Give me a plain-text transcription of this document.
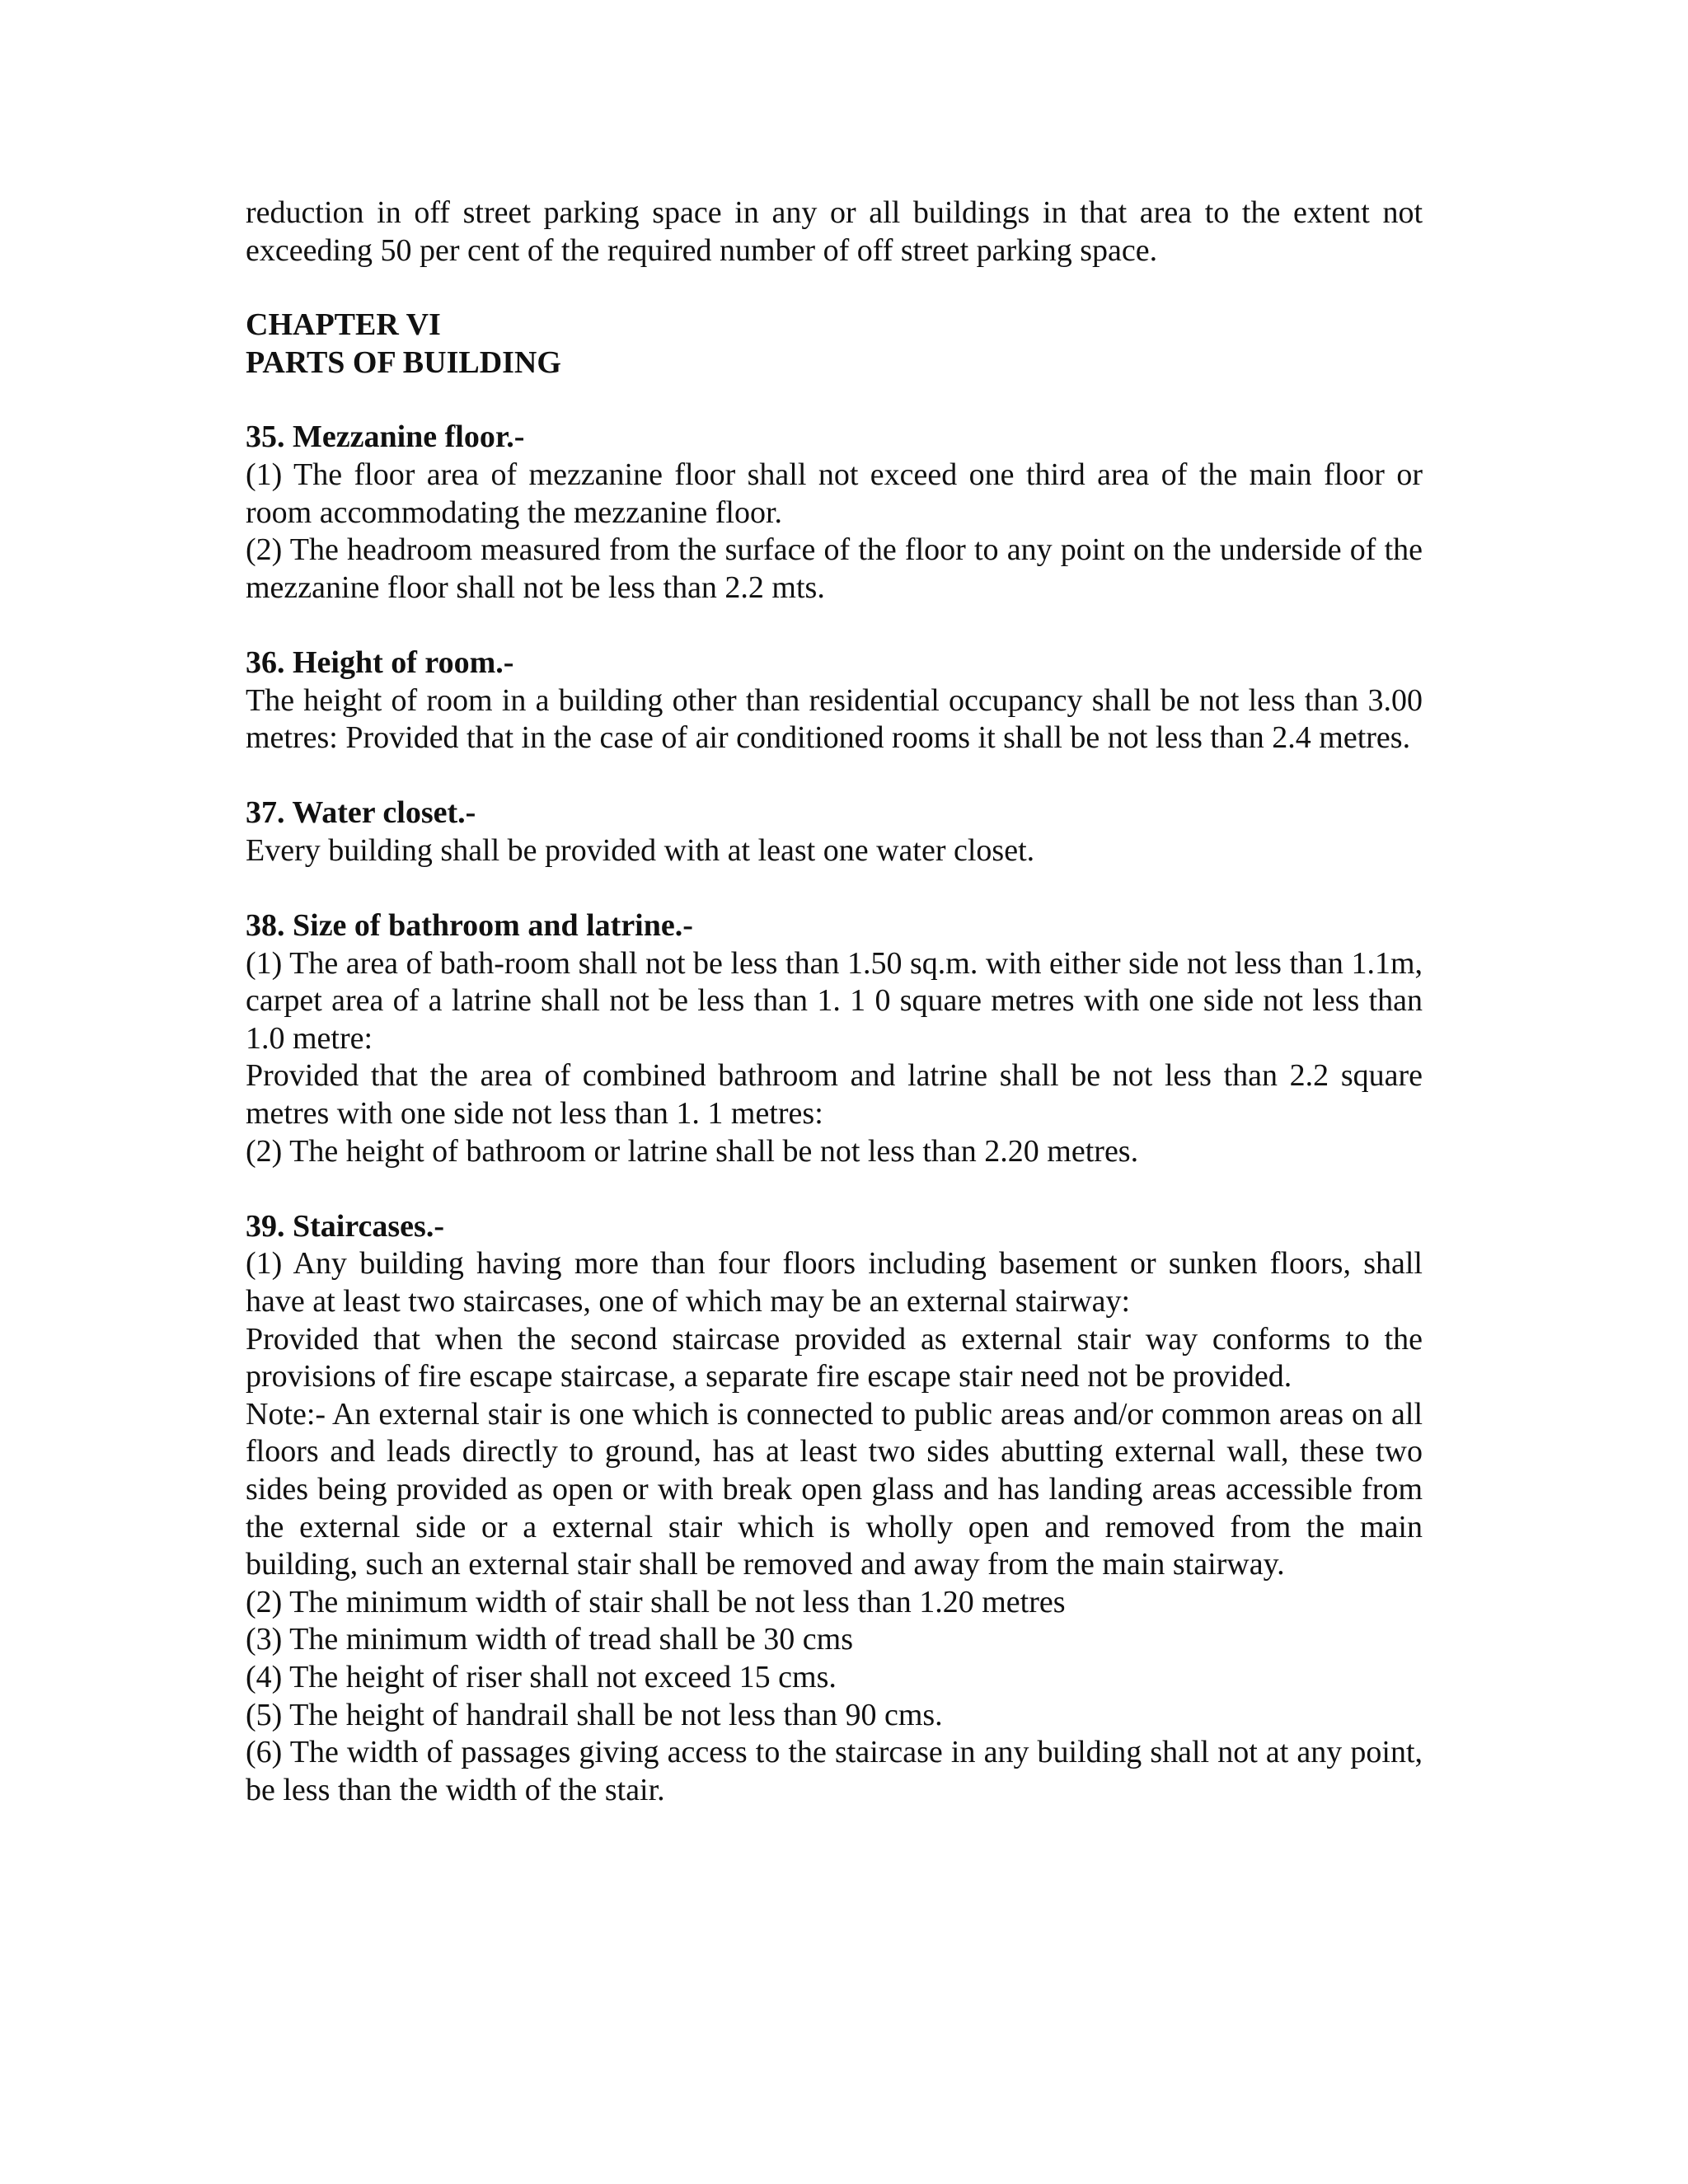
reduction in off street parking space in any or all buildings in that area to the extent not exceeding 50 per cent of the required number of off street parking space.

CHAPTER VI

PARTS OF BUILDING

35. Mezzanine floor.-

(1) The floor area of mezzanine floor shall not exceed one third area of the main floor or room accommodating the mezzanine floor.

(2) The headroom measured from the surface of the floor to any point on the underside of the mezzanine floor shall not be less than 2.2 mts.

36. Height of room.-

The height of room in a building other than residential occupancy shall be not less than 3.00 metres: Provided that in the case of air conditioned rooms it shall be not less than 2.4 metres.

37. Water closet.-

Every building shall be provided with at least one water closet.

38. Size of bathroom and latrine.-

(1) The area of bath-room shall not be less than 1.50 sq.m. with either side not less than 1.1m, carpet area of a latrine shall not be less than 1. 1 0 square metres with one side not less than 1.0 metre:

Provided that the area of combined bathroom and latrine shall be not less than 2.2 square metres with one side not less than 1. 1 metres:

(2) The height of bathroom or latrine shall be not less than 2.20 metres.

39. Staircases.-

(1) Any building having more than four floors including basement or sunken floors, shall have at least two staircases, one of which may be an external stairway:

Provided that when the second staircase provided as external stair way conforms to the provisions of fire escape staircase, a separate fire escape stair need not be provided.

Note:- An external stair is one which is connected to public areas and/or common areas on all floors and leads directly to ground, has at least two sides abutting external wall, these two sides being provided as open or with break open glass and has landing areas accessible from the external side or a external stair which is wholly open and removed from the main building, such an external stair shall be removed and away from the main stairway.

(2) The minimum width of stair shall be not less than 1.20 metres

(3) The minimum width of tread shall be 30 cms

(4) The height of riser shall not exceed 15 cms.

(5) The height of handrail shall be not less than 90 cms.

(6) The width of passages giving access to the staircase in any building shall not at any point, be less than the width of the stair.
